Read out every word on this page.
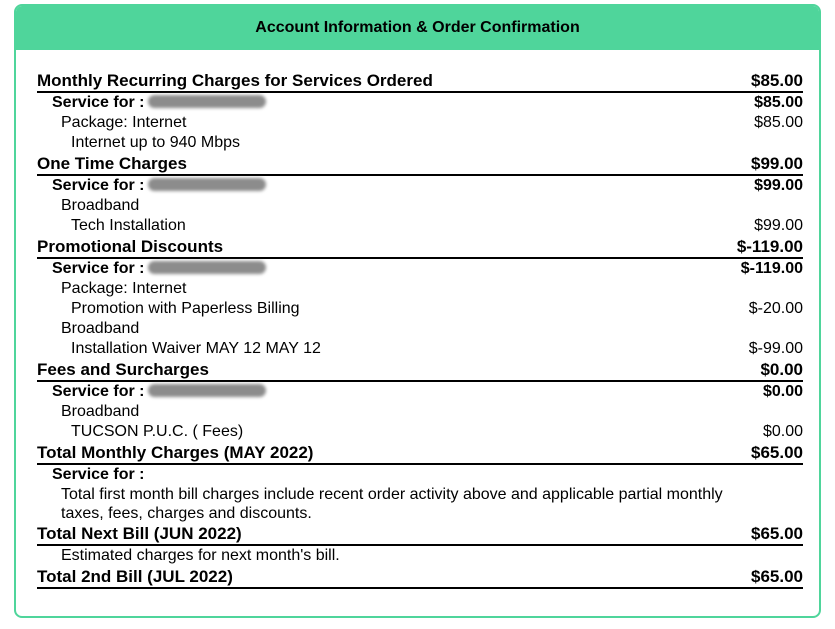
Account Information & Order Confirmation
Monthly Recurring Charges for Services Ordered	$85.00
Service for :	$85.00
Package: Internet	$85.00
Internet up to 940 Mbps
One Time Charges	$99.00
Service for :	$99.00
Broadband
Tech Installation	$99.00
Promotional Discounts	$-119.00
Service for :	$-119.00
Package: Internet
Promotion with Paperless Billing	$-20.00
Broadband
Installation Waiver MAY 12 MAY 12	$-99.00
Fees and Surcharges	$0.00
Service for :	$0.00
Broadband
TUCSON P.U.C. ( Fees)	$0.00
Total Monthly Charges (MAY 2022)	$65.00
Service for :
Total first month bill charges include recent order activity above and applicable partial monthly taxes, fees, charges and discounts.
Total Next Bill (JUN 2022)	$65.00
Estimated charges for next month's bill.
Total 2nd Bill (JUL 2022)	$65.00
